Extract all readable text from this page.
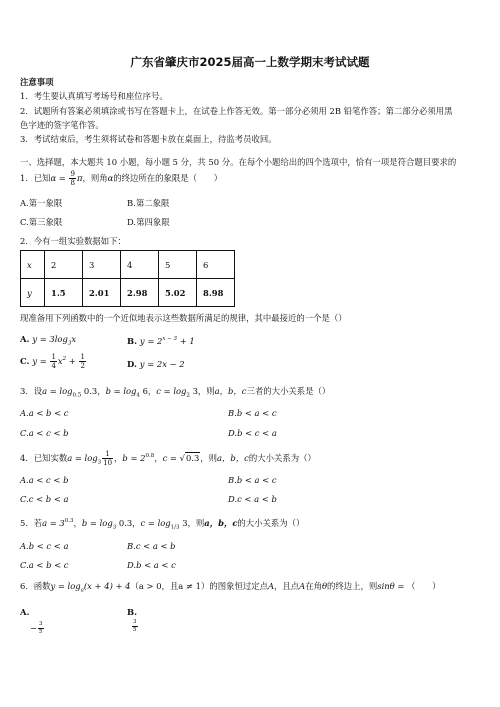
广东省肇庆市2025届高一上数学期末考试试题
注意事项
1．考生要认真填写考场号和座位序号。
2．试题所有答案必须填涂或书写在答题卡上，在试卷上作答无效。第一部分必须用 2B 铅笔作答；第二部分必须用黑
色字迹的签字笔作答。
3．考试结束后，考生须将试卷和答题卡放在桌面上，待监考员收回。
一、选择题，本大题共 10 小题，每小题 5 分，共 50 分。在每个小题给出的四个选项中，恰有一项是符合题目要求的
1．已知$\alpha = \frac{9}{8}$ π，则角α的终边所在的象限是（　　）
A.第一象限	B.第二象限
C.第三象限	D.第四象限
2．今有一组实验数据如下：
x	2	3	4	5	6
y	1.5	2.01	2.98	5.02	8.98
现准备用下列函数中的一个近似地表示这些数据所满足的规律，其中最接近的一个是（）
A. $y = 3\log_3x$	B. $y = 2^{x - 3} + 1$
C. $y = \frac{1}{4} x^2 + \frac{1}{2}$	D. y = 2x − 2
3．设$a = \log_{0.5} 0.3$，$b = \log_4 6$，$c = \log_2 3$，则a，b，c三者的大小关系是（）
A.a < b < c	B.b < a < c
C.a < c < b	D.b < c < a
4．已知实数$a = \log_3 \frac{1}{10}$ ，$b = 2^{0.8}$，c = √0.3，则a，b，c的大小关系为（）
A.a < c < b	B.b < a < c
C.c < b < a	D.c < a < b
5．若$a = 3^{0.3}$，$b = \log_3 0.3$，$c = \log_{1/3} 3$，则a，b，c的大小关系为（）
A.b < c < a	B.c < a < b
C.a < b < c	D.b < a < c
6．函数$y = \log_a(x + 4) + 4(a > 0$，且a ≠ 1）的图象恒过定点A，且点A在角θ的终边上，则sinθ = （　　）
A.
− $\frac{3}{5}$
B.
$\frac{3}{5}$
